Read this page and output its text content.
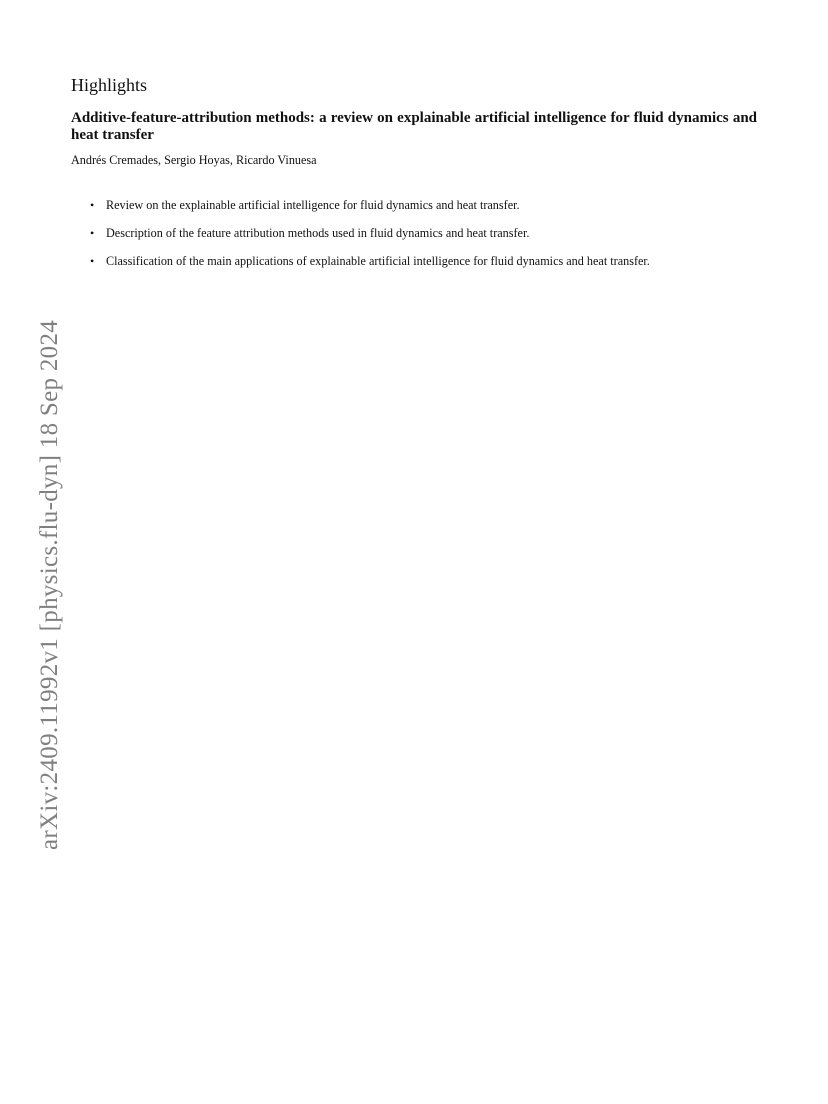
Highlights
Additive-feature-attribution methods: a review on explainable artificial intelligence for fluid dynamics and heat transfer

Andrés Cremades, Sergio Hoyas, Ricardo Vinuesa

• Review on the explainable artificial intelligence for fluid dynamics and heat transfer.
• Description of the feature attribution methods used in fluid dynamics and heat transfer.
• Classification of the main applications of explainable artificial intelligence for fluid dynamics and heat transfer.
arXiv:2409.11992v1 [physics.flu-dyn] 18 Sep 2024
